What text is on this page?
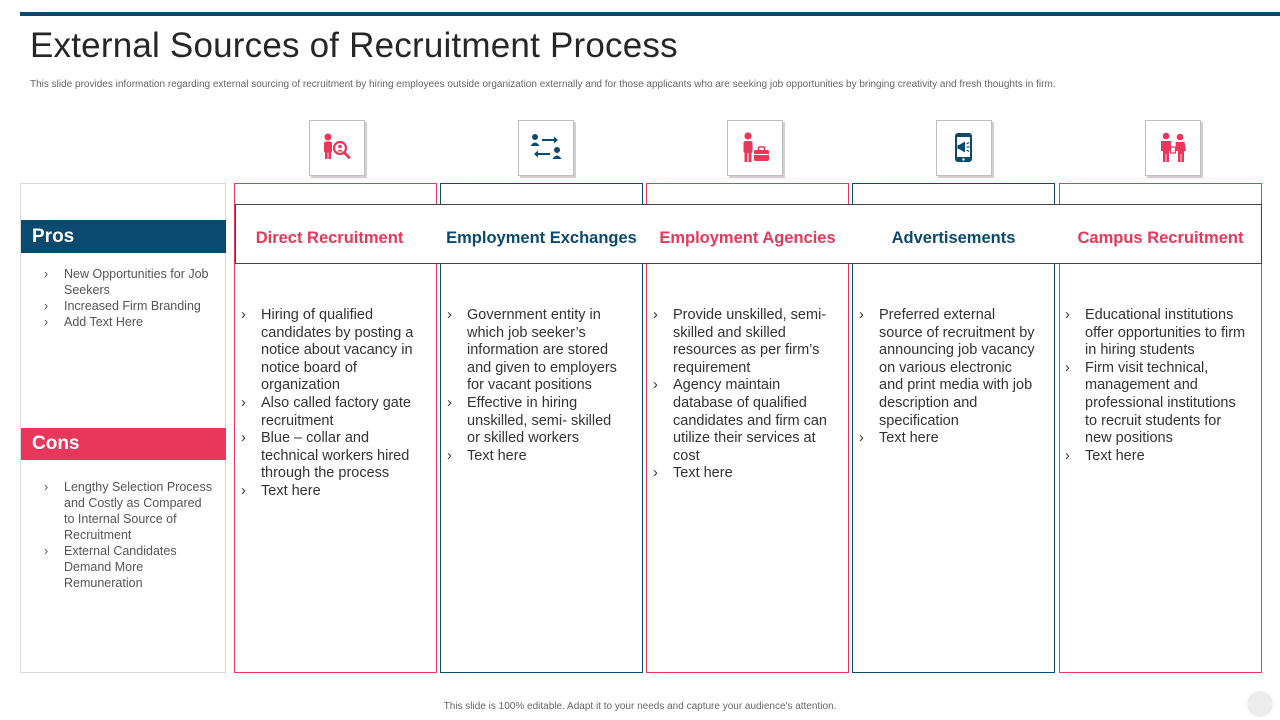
External Sources of Recruitment Process
This slide provides information regarding external sourcing of recruitment by hiring employees outside organization externally and for those applicants who are seeking job opportunities by bringing creativity and fresh thoughts in firm.
Pros
› New Opportunities for Job Seekers
› Increased Firm Branding
› Add Text Here
Cons
› Lengthy Selection Process and Costly as Compared to Internal Source of Recruitment
› External Candidates Demand More Remuneration
Direct Recruitment	Employment Exchanges	Employment Agencies	Advertisements	Campus Recruitment
› Hiring of qualified candidates by posting a notice about vacancy in notice board of organization
› Also called factory gate recruitment
› Blue – collar and technical workers hired through the process
› Text here
› Government entity in which job seeker’s information are stored and given to employers for vacant positions
› Effective in hiring unskilled, semi- skilled or skilled workers
› Text here
› Provide unskilled, semi-skilled and skilled resources as per firm’s requirement
› Agency maintain database of qualified candidates and firm can utilize their services at cost
› Text here
› Preferred external source of recruitment by announcing job vacancy on various electronic and print media with job description and specification
› Text here
› Educational institutions offer opportunities to firm in hiring students
› Firm visit technical, management and professional institutions to recruit students for new positions
› Text here
This slide is 100% editable. Adapt it to your needs and capture your audience's attention.
